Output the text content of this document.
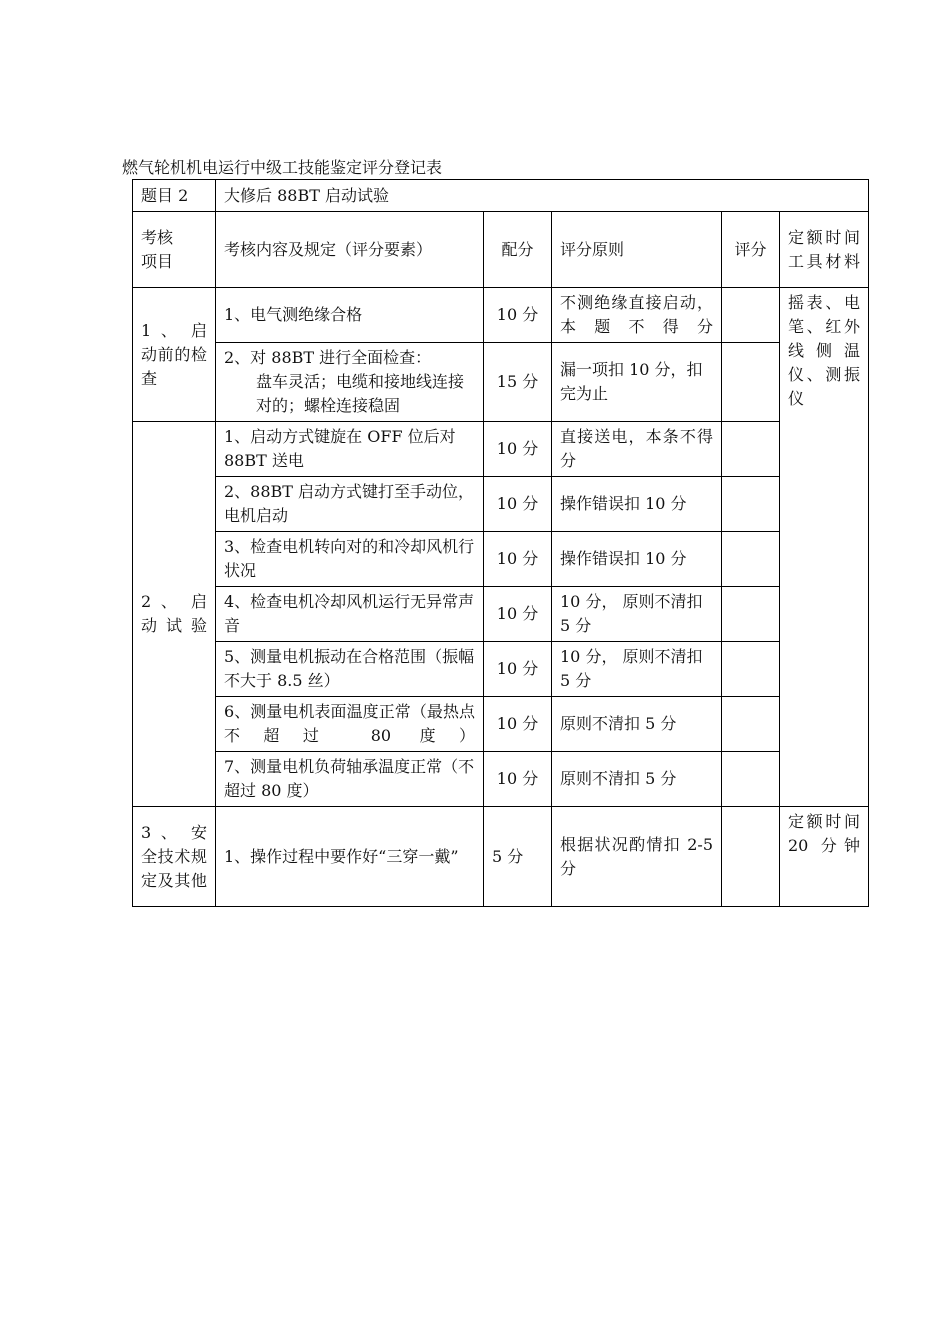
燃气轮机机电运行中级工技能鉴定评分登记表
题目 2	大修后 88BT 启动试验				
考核
项目	考核内容及规定（评分要素）	配分	评分原则	评分	定额时间工具材料
1 、 启动前的检查	1、电气测绝缘合格	10 分	不测绝缘直接启动，本题不得分		摇表、电笔、红外线侧温仪、测振仪
	2、对 88BT 进行全面检查：
盘车灵活；电缆和接地线连接对的；螺栓连接稳固	15 分	漏一项扣 10 分，扣完为止		
2 、 启动试验	1、启动方式键旋在 OFF 位后对 88BT 送电	10 分	直接送电，本条不得分		
	2、88BT 启动方式键打至手动位，电机启动	10 分	操作错误扣 10 分		
	3、检查电机转向对的和冷却风机行状况	10 分	操作错误扣 10 分		
	4、检查电机冷却风机运行无异常声音	10 分	10 分， 原则不清扣 5 分		
	5、测量电机振动在合格范围（振幅不大于 8.5 丝）	10 分	10 分， 原则不清扣 5 分		
	6、测量电机表面温度正常（最热点不超过 80 度）	10 分	原则不清扣 5 分		
	7、测量电机负荷轴承温度正常（不超过 80 度）	10 分	原则不清扣 5 分		
3 、 安全技术规定及其他	1、操作过程中要作好“三穿一戴”	5 分	根据状况酌情扣 2-5 分		定额时间 20 分钟
